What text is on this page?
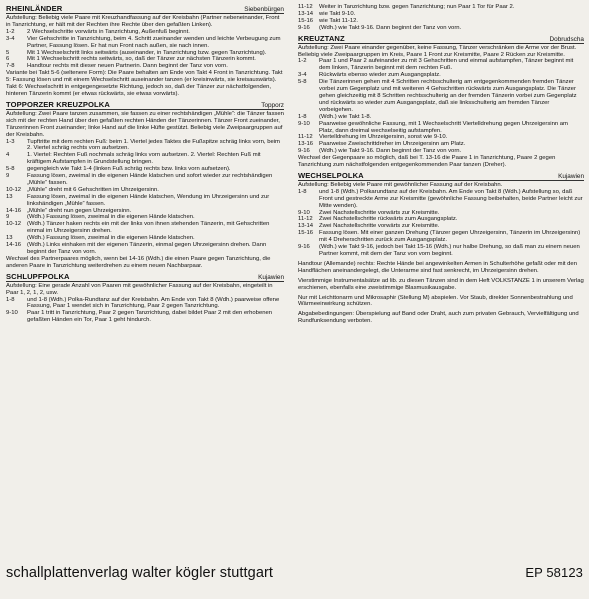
RHEINLÄNDER	Siebenbürgen

Aufstellung: Beliebig viele Paare mit Kreuzhandfassung auf der Kreisbahn (Partner nebeneinander, Front in Tanzrichtung, er hält mit der Rechten ihre Rechte über den gefaßten Linken).

1-2	2 Wechselschritte vorwärts in Tanzrichtung, Außenfuß beginnt.
3-4	Vier Gehschritte in Tanzrichtung, beim 4. Schritt zueinander wenden und leichte Verbeugung zum Partner, Fassung lösen. Er hat nun Front nach außen, sie nach innen.
5	Mit 1 Wechselschritt links seitwärts (auseinander, in Tanzrichtung bzw. gegen Tanzrichtung).
6	Mit 1 Wechselschritt rechts seitwärts, so, daß der Tänzer zur nächsten Tänzerin kommt.
7-8	Handtour rechts mit dieser neuen Partnerin. Dann beginnt der Tanz von vorn.

Variante bei Takt 5-6 (seltenere Form): Die Paare behalten am Ende von Takt 4 Front in Tanzrichtung. Takt 5: Fassung lösen und mit einem Wechselschritt auseinander tanzen (er kreisinwärts, sie kreisauswärts). Takt 6: Wechselschritt in entgegengesetzte Richtung, jedoch so, daß der Tänzer zur nächstfolgenden, hinteren Tänzerin kommt (er etwas rückwärts, sie etwas vorwärts).

TOPPORZER KREUZPOLKA	Topporz

Aufstellung: Zwei Paare tanzen zusammen, sie fassen zu einer rechtshändigen „Mühle“: die Tänzer fassen sich mit der rechten Hand über den gefaßten rechten Händen der Tänzerinnen. Tänzer Front zueinander, Tänzerinnen Front zueinander; linke Hand auf die linke Hüfte gestützt. Beliebig viele Zweipaargruppen auf der Kreisbahn.

1-3	Tupftritte mit dem rechten Fuß: beim 1. Viertel jedes Taktes die Fußspitze schräg links vorn, beim 2. Viertel schräg rechts vorn aufsetzen.
4	1. Viertel: Rechten Fuß nochmals schräg links vorn aufsetzen. 2. Viertel: Rechten Fuß mit kräftigem Aufstampfen in Grundstellung bringen.
5-8	gegengleich wie Takt 1-4 (linken Fuß schräg rechts bzw. links vorn aufsetzen).
9	Fassung lösen, zweimal in die eigenen Hände klatschen und sofort wieder zur rechtshändigen „Mühle“ fassen.
10-12	„Mühle“ dreht mit 6 Gehschritten im Uhrzeigersinn.
13	Fassung lösen, zweimal in die eigenen Hände klatschen, Wendung im Uhrzeigersinn und zur linkshändigen „Mühle“ fassen.
14-16	„Mühle“ dreht nun gegen Uhrzeigersinn.
9	(Wdh.) Fassung lösen, zweimal in die eigenen Hände klatschen.
10-12	(Wdh.) Tänzer haken rechts ein mit der links von ihnen stehenden Tänzerin, mit Gehschritten einmal im Uhrzeigersinn drehen.
13	(Wdh.) Fassung lösen, zweimal in die eigenen Hände klatschen.
14-16	(Wdh.) Links einhaken mit der eigenen Tänzerin, einmal gegen Uhrzeigersinn drehen. Dann beginnt der Tanz von vorn.

Wechsel des Partnerpaares möglich, wenn bei 14-16 (Wdh.) die einen Paare gegen Tanzrichtung, die anderen Paare in Tanzrichtung weiterdrehen zu einem neuen Nachbarpaar.

SCHLUPFPOLKA	Kujawien

Aufstellung: Eine gerade Anzahl von Paaren mit gewöhnlicher Fassung auf der Kreisbahn, eingeteilt in Paar 1, 2, 1, 2, usw.

1-8	und 1-8 (Wdh.) Polka-Rundtanz auf der Kreisbahn. Am Ende von Takt 8 (Wdh.) paarweise offene Fassung, Paar 1 wendet sich in Tanzrichtung, Paar 2 gegen Tanzrichtung.
9-10	Paar 1 tritt in Tanzrichtung, Paar 2 gegen Tanzrichtung, dabei bildet Paar 2 mit den erhobenen gefaßten Händen ein Tor, Paar 1 geht hindurch.
11-12	Weiter in Tanzrichtung bzw. gegen Tanzrichtung; nun Paar 1 Tor für Paar 2.
13-14	wie Takt 9-10.
15-16	wie Takt 11-12.
9-16	(Wdh.) wie Takt 9-16. Dann beginnt der Tanz von vorn.
KREUZTANZ	Dobrudscha

Aufstellung: Zwei Paare einander gegenüber, keine Fassung, Tänzer verschränken die Arme vor der Brust. Beliebig viele Zweipaargruppen im Kreis, Paare 1 Front zur Kreismitte, Paare 2 Rücken zur Kreismitte.

1-2	Paar 1 und Paar 2 aufeinander zu mit 3 Gehschritten und einmal aufstampfen, Tänzer beginnt mit dem linken, Tänzerin beginnt mit dem rechten Fuß.
3-4	Rückwärts ebenso wieder zum Ausgangsplatz.
5-8	Die Tänzerinnen gehen mit 4 Schritten rechtsschulterig am entgegenkommenden fremden Tänzer vorbei zum Gegenplatz und mit weiteren 4 Gehschritten rückwärts zum Ausgangsplatz. Die Tänzer gehen gleichzeitig mit 8 Schritten rechtsschulterig an der fremden Tänzerin vorbei zum Gegenplatz und rückwärts so wieder zum Ausgangsplatz, daß sie linksschulterig am fremden Tänzer vorbeigehen.
1-8	(Wdh.) wie Takt 1-8.
9-10	Paarweise gewöhnliche Fassung, mit 1 Wechselschritt Viertelldrehung gegen Uhrzeigersinn am Platz, dann dreimal wechselseitig aufstampfen.
11-12	Viertelldrehung im Uhrzeigersinn, sonst wie 9-10.
13-16	Paarweise Zweischrittdreher im Uhrzeigersinn am Platz.
9-16	(Wdh.) wie Takt 9-16. Dann beginnt der Tanz von vorn.

Wechsel der Gegenpaare so möglich, daß bei T. 13-16 die Paare 1 in Tanzrichtung, Paare 2 gegen Tanzrichtung zum nächstfolgenden entgegenkommenden Paar tanzen (Dreher).

WECHSELPOLKA	Kujawien

Aufstellung: Beliebig viele Paare mit gewöhnlicher Fassung auf der Kreisbahn.

1-8	und 1-8 (Wdh.) Polkarundtanz auf der Kreisbahn. Am Ende von Takt 8 (Wdh.) Aufstellung so, daß Front und gestreckte Arme zur Kreismitte (gewöhnliche Fassung beibehalten, beide Partner leicht zur Mitte wenden).
9-10	Zwei Nachstellschritte vorwärts zur Kreismitte.
11-12	Zwei Nachstellschritte rückwärts zum Ausgangsplatz.
13-14	Zwei Nachstellschritte vorwärts zur Kreismitte.
15-16	Fassung lösen. Mit einer ganzen Drehung (Tänzer gegen Uhrzeigersinn, Tänzerin im Uhrzeigersinn) mit 4 Dreherschritten zurück zum Ausgangsplatz.
9-16	(Wdh.) wie Takt 9-16, jedoch bei Takt 15-16 (Wdh.) nur halbe Drehung, so daß man zu einem neuen Partner kommt, mit dem der Tanz von vorn beginnt.

Handtour (Allemande) rechts: Rechte Hände bei angewinkelten Armen in Schulterhöhe gefaßt oder mit den Handflächen aneinandergelegt, die Unterarme sind fast senkrecht, im Uhrzeigersinn drehen.

Vierstimmige Instrumentalsätze ad lib. zu diesen Tänzen sind in dem Heft VOLKSTANZE 1 in unserem Verlag erschienen, ebenfalls eine zweistimmige Blasmusikausgabe.

Nur mit Leichttonarm und Mikrosaphir (Stellung M) abspielen. Vor Staub, direkter Sonnenbestrahlung und Wärmeeinwirkung schützen.

Abgabebedingungen: Überspielung auf Band oder Draht, auch zum privaten Gebrauch, Vervielfältigung und Rundfunksendung verboten.

schallplattenverlag walter kögler stuttgart	EP 58123
